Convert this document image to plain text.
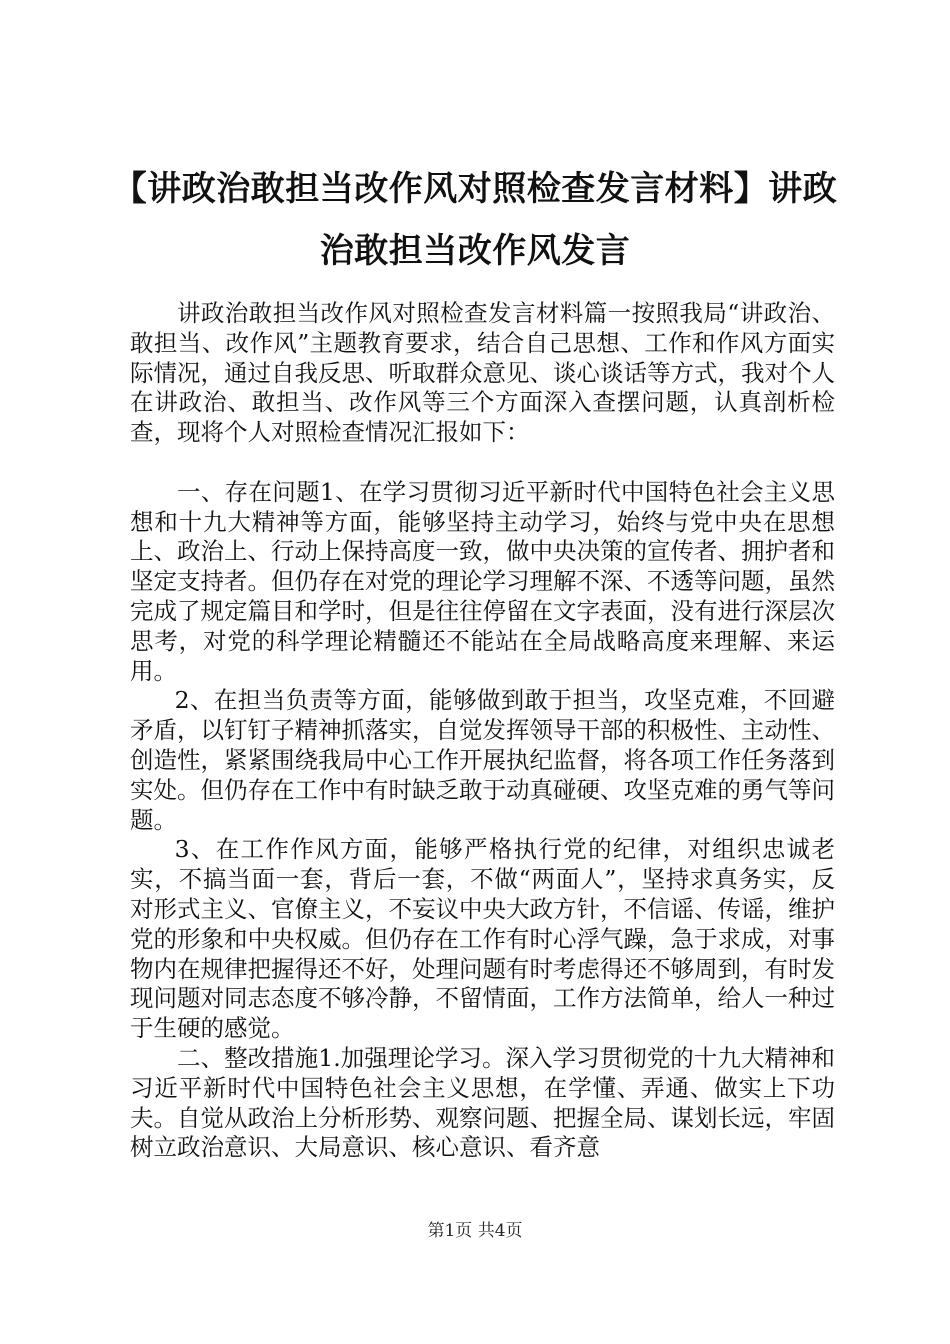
【讲政治敢担当改作风对照检查发言材料】讲政治敢担当改作风发言

讲政治敢担当改作风对照检查发言材料篇一按照我局“讲政治、敢担当、改作风”主题教育要求，结合自己思想、工作和作风方面实际情况，通过自我反思、听取群众意见、谈心谈话等方式，我对个人在讲政治、敢担当、改作风等三个方面深入查摆问题，认真剖析检查，现将个人对照检查情况汇报如下：

一、存在问题1、在学习贯彻习近平新时代中国特色社会主义思想和十九大精神等方面，能够坚持主动学习，始终与党中央在思想上、政治上、行动上保持高度一致，做中央决策的宣传者、拥护者和坚定支持者。但仍存在对党的理论学习理解不深、不透等问题，虽然完成了规定篇目和学时，但是往往停留在文字表面，没有进行深层次思考，对党的科学理论精髓还不能站在全局战略高度来理解、来运用。

2、在担当负责等方面，能够做到敢于担当，攻坚克难，不回避矛盾，以钉钉子精神抓落实，自觉发挥领导干部的积极性、主动性、创造性，紧紧围绕我局中心工作开展执纪监督，将各项工作任务落到实处。但仍存在工作中有时缺乏敢于动真碰硬、攻坚克难的勇气等问题。

3、在工作作风方面，能够严格执行党的纪律，对组织忠诚老实，不搞当面一套，背后一套，不做“两面人”，坚持求真务实，反对形式主义、官僚主义，不妄议中央大政方针，不信谣、传谣，维护党的形象和中央权威。但仍存在工作有时心浮气躁，急于求成，对事物内在规律把握得还不好，处理问题有时考虑得还不够周到，有时发现问题对同志态度不够冷静，不留情面，工作方法简单，给人一种过于生硬的感觉。

二、整改措施1.加强理论学习。深入学习贯彻党的十九大精神和习近平新时代中国特色社会主义思想，在学懂、弄通、做实上下功夫。自觉从政治上分析形势、观察问题、把握全局、谋划长远，牢固树立政治意识、大局意识、核心意识、看齐意

第1页 共4页
